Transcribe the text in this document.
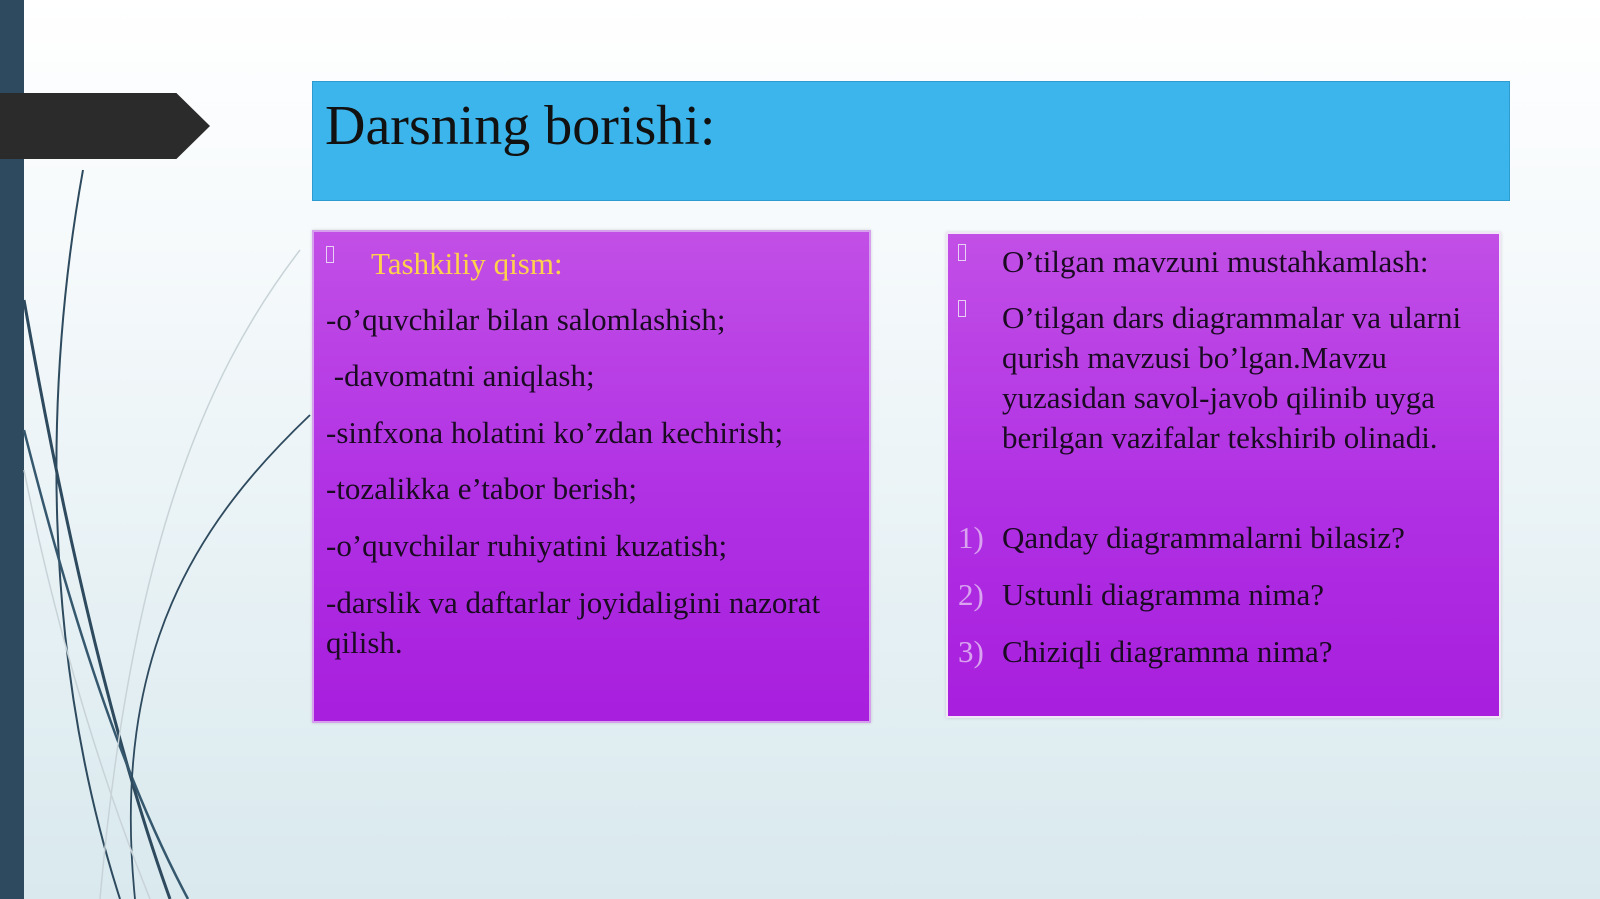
Darsning borishi:
Tashkiliy qism:
-o’quvchilar bilan salomlashish;
-davomatni aniqlash;
-sinfxona holatini ko’zdan kechirish;
-tozalikka e’tabor berish;
-o’quvchilar ruhiyatini kuzatish;
-darslik va daftarlar joyidaligini nazorat qilish.
O’tilgan mavzuni mustahkamlash:
O’tilgan dars diagrammalar va ularni qurish mavzusi bo’lgan.Mavzu yuzasidan savol-javob qilinib uyga berilgan vazifalar tekshirib olinadi.
1) Qanday diagrammalarni bilasiz?
2) Ustunli diagramma nima?
3) Chiziqli diagramma nima?
